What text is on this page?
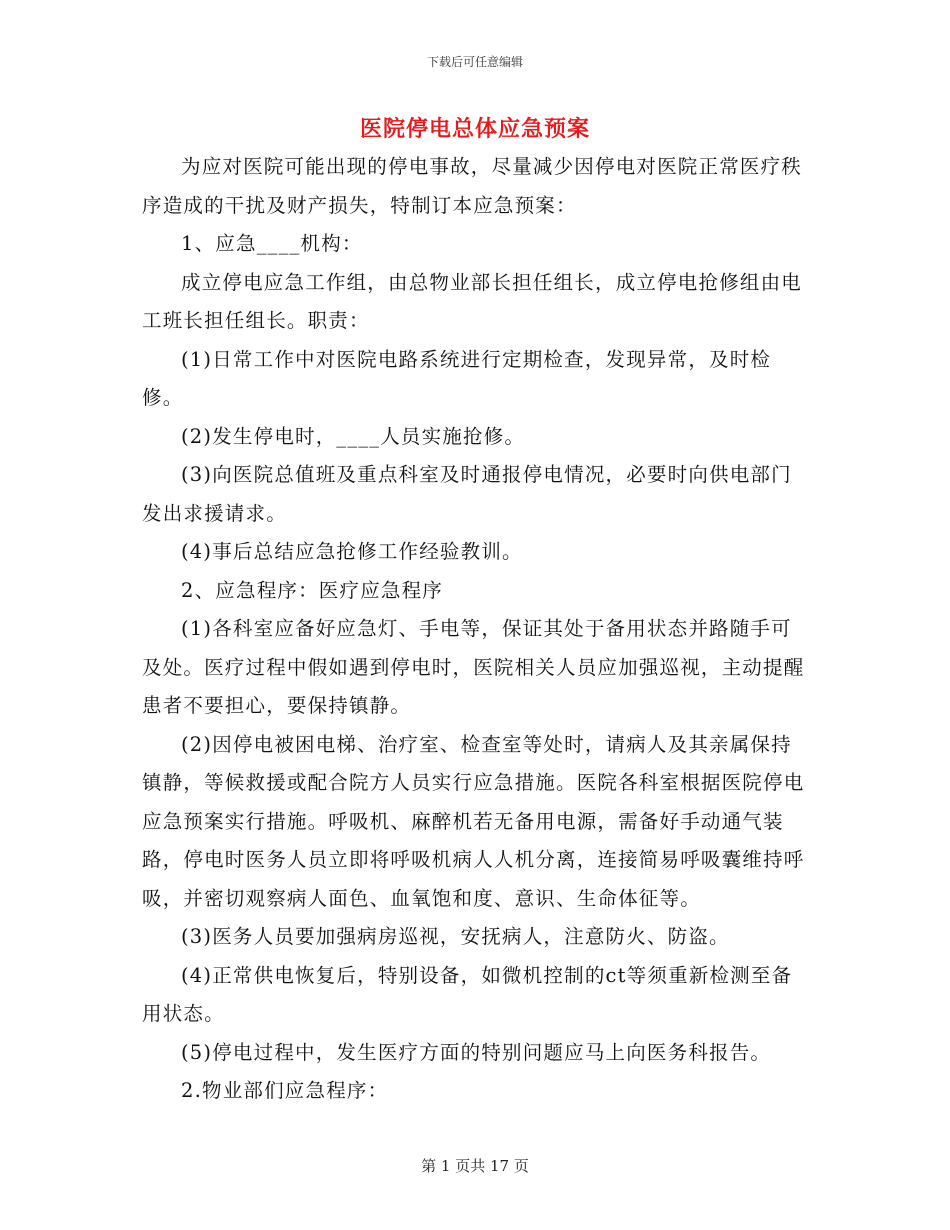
下载后可任意编辑
医院停电总体应急预案

为应对医院可能出现的停电事故，尽量减少因停电对医院正常医疗秩序造成的干扰及财产损失，特制订本应急预案：

1、应急____机构：

成立停电应急工作组，由总物业部长担任组长，成立停电抢修组由电工班长担任组长。职责：

(1)日常工作中对医院电路系统进行定期检查，发现异常，及时检修。

(2)发生停电时，____人员实施抢修。

(3)向医院总值班及重点科室及时通报停电情况，必要时向供电部门发出求援请求。

(4)事后总结应急抢修工作经验教训。

2、应急程序：医疗应急程序

(1)各科室应备好应急灯、手电等，保证其处于备用状态并路随手可及处。医疗过程中假如遇到停电时，医院相关人员应加强巡视，主动提醒患者不要担心，要保持镇静。

(2)因停电被困电梯、治疗室、检查室等处时，请病人及其亲属保持镇静，等候救援或配合院方人员实行应急措施。医院各科室根据医院停电应急预案实行措施。呼吸机、麻醉机若无备用电源，需备好手动通气装路，停电时医务人员立即将呼吸机病人人机分离，连接简易呼吸囊维持呼吸，并密切观察病人面色、血氧饱和度、意识、生命体征等。

(3)医务人员要加强病房巡视，安抚病人，注意防火、防盗。

(4)正常供电恢复后，特别设备，如微机控制的ct等须重新检测至备用状态。

(5)停电过程中，发生医疗方面的特别问题应马上向医务科报告。

2.物业部们应急程序：

第 1 页共 17 页
